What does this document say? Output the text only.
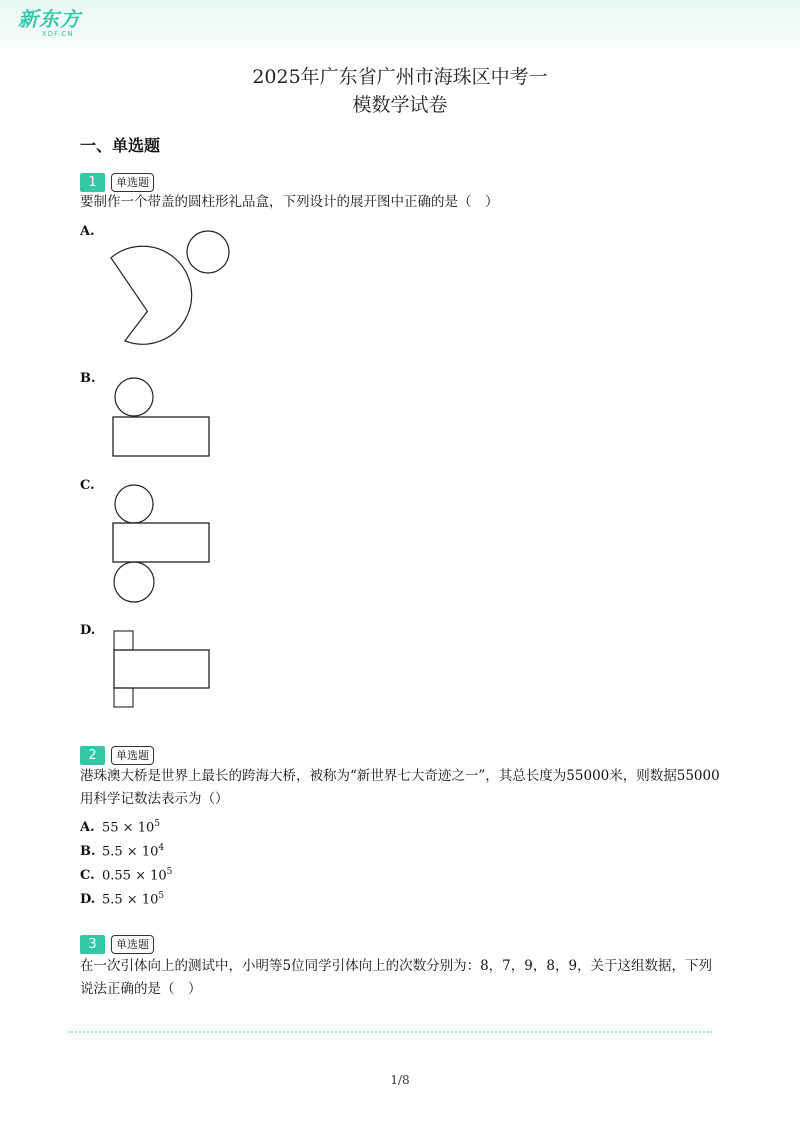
新东方
XDF.CN
2025年广东省广州市海珠区中考一
模数学试卷
一、单选题
1 单选题
要制作一个带盖的圆柱形礼品盒，下列设计的展开图中正确的是（　）
A.
B.
C.
D.
2 单选题
港珠澳大桥是世界上最长的跨海大桥，被称为“新世界七大奇迹之一”，其总长度为55000米，则数据55000用科学记数法表示为（）
A. $55 \times 10^5$
B. $5.5 \times 10^4$
C. $0.55 \times 10^5$
D. $5.5 \times 10^5$
3 单选题
在一次引体向上的测试中，小明等5位同学引体向上的次数分别为：8，7，9，8，9，关于这组数据，下列说法正确的是（　）
1/8
